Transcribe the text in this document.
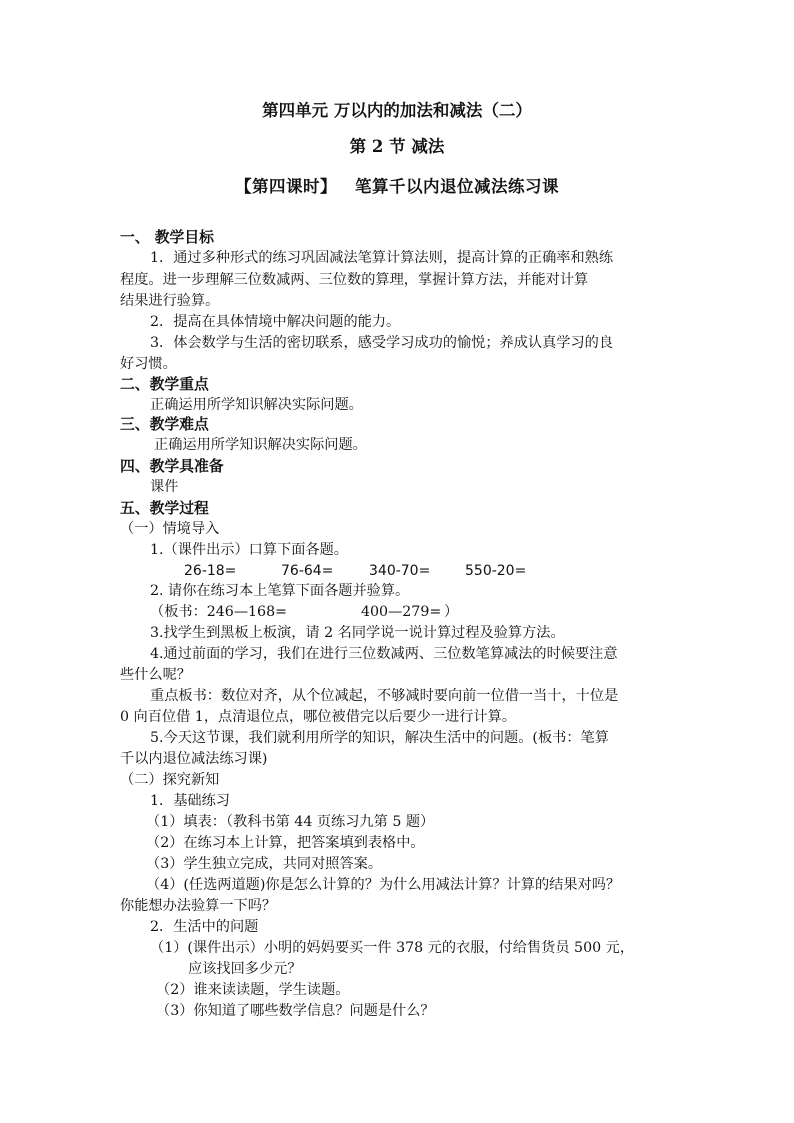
第四单元 万以内的加法和减法（二）
第 2 节 减法
【第四课时】 笔算千以内退位减法练习课
一、 教学目标
1．通过多种形式的练习巩固减法笔算计算法则，提高计算的正确率和熟练
程度。进一步理解三位数减两、三位数的算理，掌握计算方法，并能对计算
结果进行验算。
2．提高在具体情境中解决问题的能力。
3．体会数学与生活的密切联系，感受学习成功的愉悦；养成认真学习的良
好习惯。
二、教学重点
正确运用所学知识解决实际问题。
三、教学难点
正确运用所学知识解决实际问题。
四、教学具准备
课件
五、教学过程
（一）情境导入
1.（课件出示）口算下面各题。
26-18=	76-64=	340-70= 550-20=
2. 请你在练习本上笔算下面各题并验算。
（板书：246—168=	400—279= ）
3.找学生到黑板上板演，请 2 名同学说一说计算过程及验算方法。
4.通过前面的学习，我们在进行三位数减两、三位数笔算减法的时候要注意
些什么呢？
重点板书：数位对齐，从个位减起，不够减时要向前一位借一当十，十位是
0 向百位借 1，点清退位点，哪位被借完以后要少一进行计算。
5.今天这节课，我们就利用所学的知识，解决生活中的问题。(板书：笔算
千以内退位减法练习课)
（二）探究新知
1．基础练习
（1）填表：（教科书第 44 页练习九第 5 题）
（2）在练习本上计算，把答案填到表格中。
（3）学生独立完成，共同对照答案。
（4）(任选两道题)你是怎么计算的？为什么用减法计算？计算的结果对吗？
你能想办法验算一下吗？
2．生活中的问题
（1）(课件出示）小明的妈妈要买一件 378 元的衣服，付给售货员 500 元，
应该找回多少元？
（2）谁来读读题，学生读题。
（3）你知道了哪些数学信息？问题是什么？
